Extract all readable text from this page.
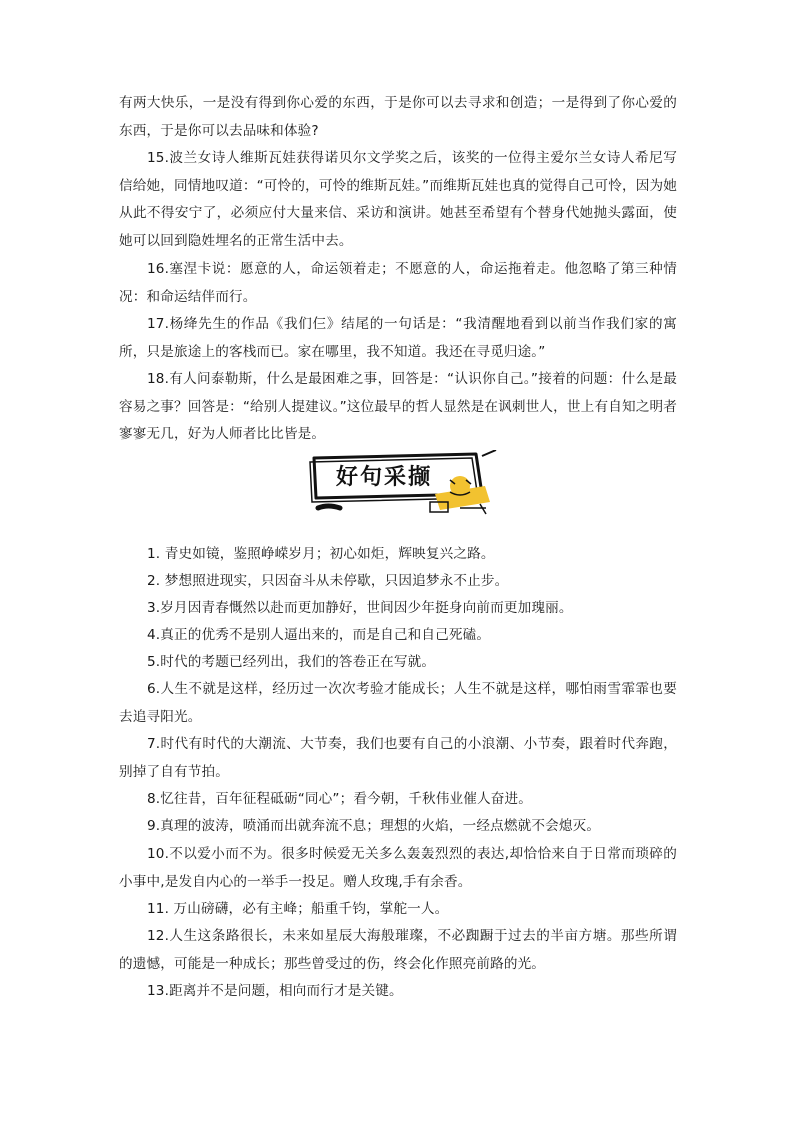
有两大快乐，一是没有得到你心爱的东西，于是你可以去寻求和创造；一是得到了你心爱的东西，于是你可以去品味和体验?

15.波兰女诗人维斯瓦娃获得诺贝尔文学奖之后，该奖的一位得主爱尔兰女诗人希尼写信给她，同情地叹道：“可怜的，可怜的维斯瓦娃。”而维斯瓦娃也真的觉得自己可怜，因为她从此不得安宁了，必须应付大量来信、采访和演讲。她甚至希望有个替身代她抛头露面，使她可以回到隐姓埋名的正常生活中去。

16.塞涅卡说：愿意的人，命运领着走；不愿意的人，命运拖着走。他忽略了第三种情况：和命运结伴而行。

17.杨绛先生的作品《我们仨》结尾的一句话是：“我清醒地看到以前当作我们家的寓所，只是旅途上的客栈而已。家在哪里，我不知道。我还在寻觅归途。”

18.有人问泰勒斯，什么是最困难之事，回答是：“认识你自己。”接着的问题：什么是最容易之事？回答是：“给别人提建议。”这位最早的哲人显然是在讽刺世人，世上有自知之明者寥寥无几，好为人师者比比皆是。

好句采撷

1. 青史如镜，鉴照峥嵘岁月；初心如炬，辉映复兴之路。

2. 梦想照进现实，只因奋斗从未停歇，只因追梦永不止步。

3.岁月因青春慨然以赴而更加静好，世间因少年挺身向前而更加瑰丽。

4.真正的优秀不是别人逼出来的，而是自己和自己死磕。

5.时代的考题已经列出，我们的答卷正在写就。

6.人生不就是这样，经历过一次次考验才能成长；人生不就是这样，哪怕雨雪霏霏也要去追寻阳光。

7.时代有时代的大潮流、大节奏，我们也要有自己的小浪潮、小节奏，跟着时代奔跑，别掉了自有节拍。

8.忆往昔，百年征程砥砺“同心”；看今朝，千秋伟业催人奋进。

9.真理的波涛，喷涌而出就奔流不息；理想的火焰，一经点燃就不会熄灭。

10.不以爱小而不为。很多时候爱无关多么轰轰烈烈的表达,却恰恰来自于日常而琐碎的小事中,是发自内心的一举手一投足。赠人玫瑰,手有余香。

11. 万山磅礴，必有主峰；船重千钧，掌舵一人。

12.人生这条路很长，未来如星辰大海般璀璨，不必踟蹰于过去的半亩方塘。那些所谓的遗憾，可能是一种成长；那些曾受过的伤，终会化作照亮前路的光。

13.距离并不是问题，相向而行才是关键。
